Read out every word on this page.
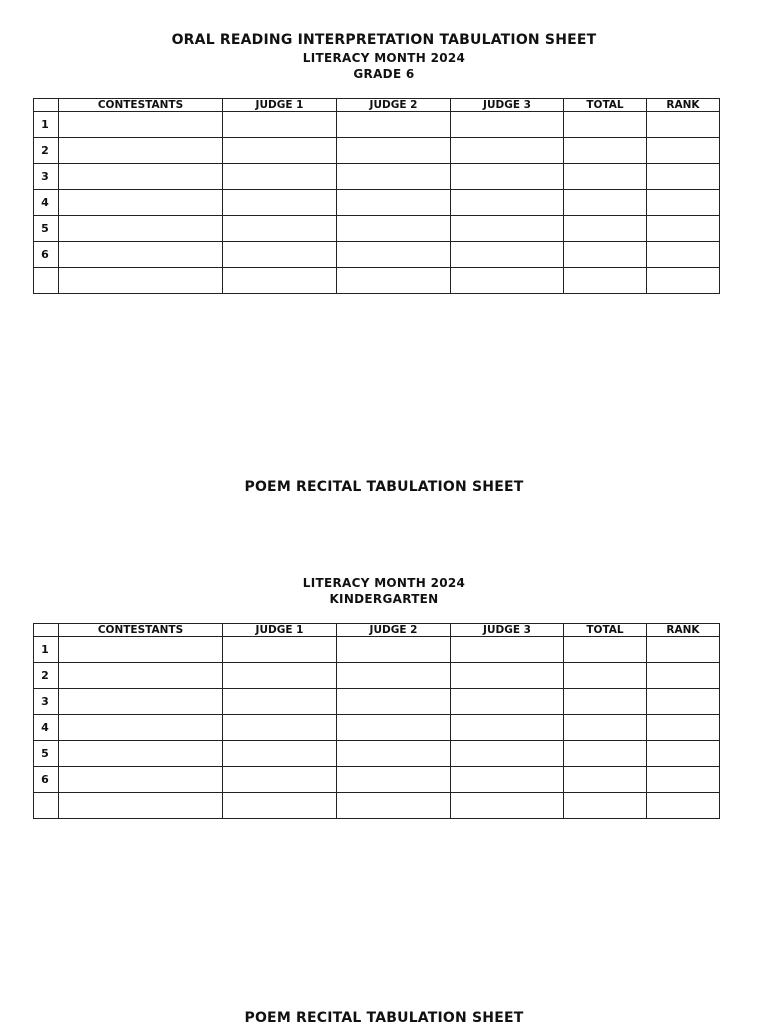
ORAL READING INTERPRETATION TABULATION SHEET
LITERACY MONTH 2024
GRADE 6
	CONTESTANTS	JUDGE 1	JUDGE 2	JUDGE 3	TOTAL	RANK
1						
2						
3						
4						
5						
6						

POEM RECITAL TABULATION SHEET
LITERACY MONTH 2024
KINDERGARTEN
	CONTESTANTS	JUDGE 1	JUDGE 2	JUDGE 3	TOTAL	RANK
1						
2						
3						
4						
5						
6						

POEM RECITAL TABULATION SHEET
